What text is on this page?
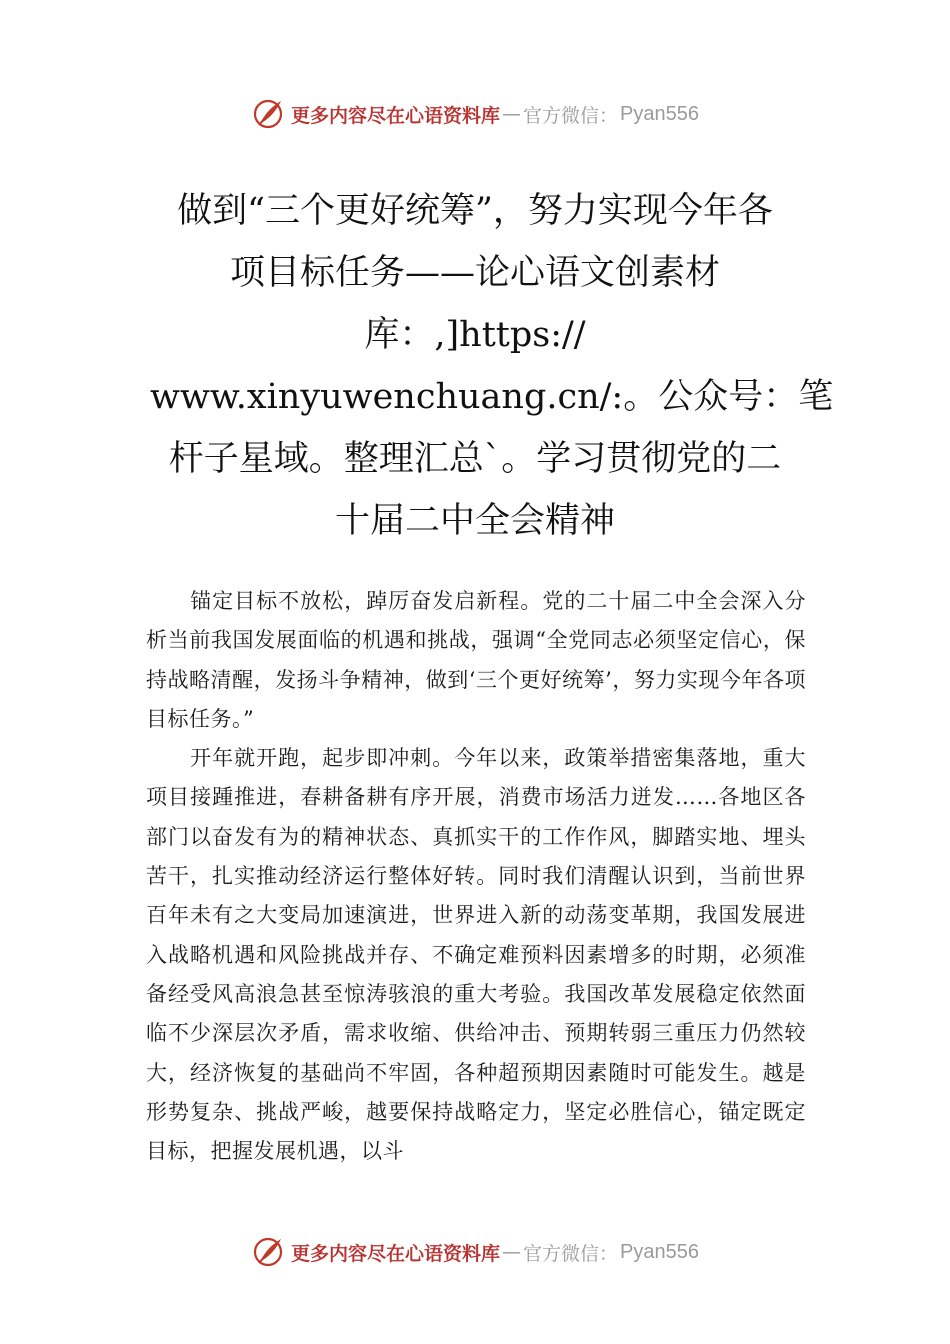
更多内容尽在心语资料库 — 官方微信： Pyan556
做到“三个更好统筹”，努力实现今年各
项目标任务——论心语文创素材
库：,]https://
www.xinyuwenchuang.cn/:。公众号：笔
杆子星域。整理汇总`。学习贯彻党的二
十届二中全会精神

锚定目标不放松，踔厉奋发启新程。党的二十届二中全会深入分析当前我国发展面临的机遇和挑战，强调“全党同志必须坚定信心，保持战略清醒，发扬斗争精神，做到‘三个更好统筹’，努力实现今年各项目标任务。”

开年就开跑，起步即冲刺。今年以来，政策举措密集落地，重大项目接踵推进，春耕备耕有序开展，消费市场活力迸发……各地区各部门以奋发有为的精神状态、真抓实干的工作作风，脚踏实地、埋头苦干，扎实推动经济运行整体好转。同时我们清醒认识到，当前世界百年未有之大变局加速演进，世界进入新的动荡变革期，我国发展进入战略机遇和风险挑战并存、不确定难预料因素增多的时期，必须准备经受风高浪急甚至惊涛骇浪的重大考验。我国改革发展稳定依然面临不少深层次矛盾，需求收缩、供给冲击、预期转弱三重压力仍然较大，经济恢复的基础尚不牢固，各种超预期因素随时可能发生。越是形势复杂、挑战严峻，越要保持战略定力，坚定必胜信心，锚定既定目标，把握发展机遇，以斗

更多内容尽在心语资料库 — 官方微信： Pyan556
